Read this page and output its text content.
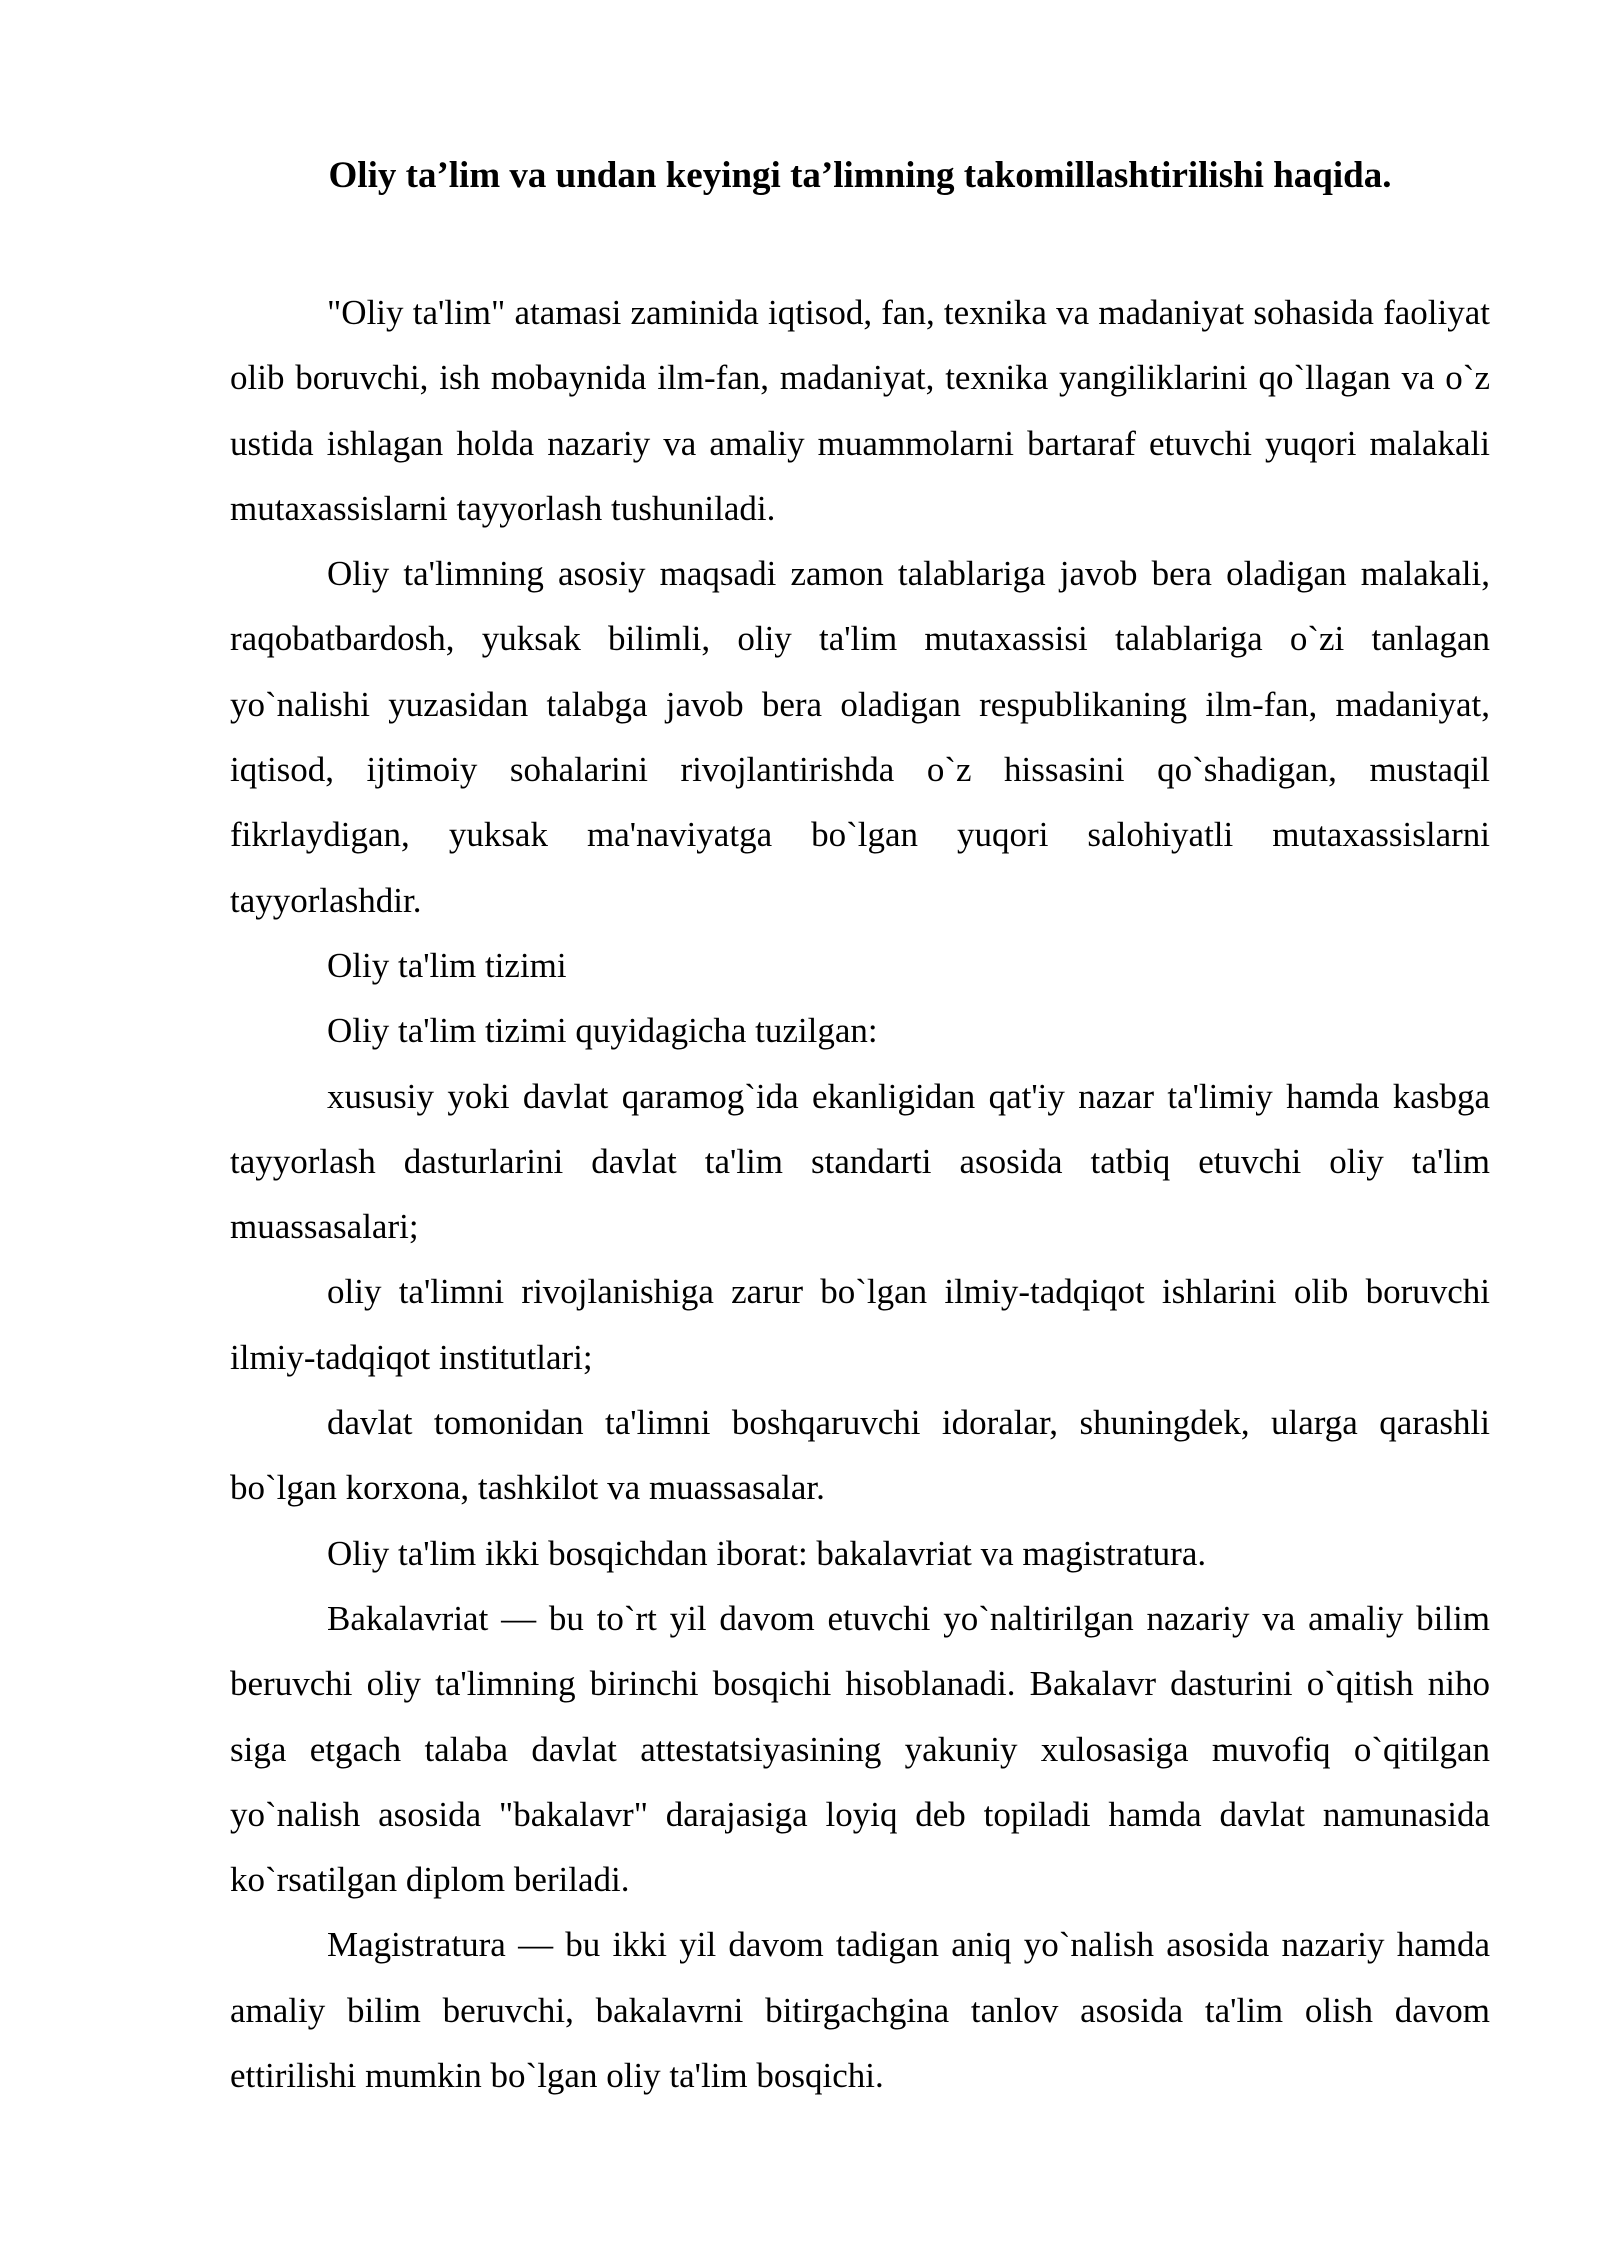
Oliy ta’lim va undan keyingi ta’limning takomillashtirilishi haqida.

"Oliy ta'lim" atamasi zaminida iqtisod, fan, texnika va madaniyat sohasida faoliyat olib boruvchi, ish mobaynida ilm-fan, madaniyat, texnika yangiliklarini qo`llagan va o`z ustida ishlagan holda nazariy va amaliy muammolarni bartaraf etuvchi yuqori malakali mutaxassislarni tayyorlash tushuniladi.

Oliy ta'limning asosiy maqsadi zamon talablariga javob bera oladigan malakali, raqobatbardosh, yuksak bilimli, oliy ta'lim mutaxassisi talablariga o`zi tanlagan yo`nalishi yuzasidan talabga javob bera oladigan respublikaning ilm-fan, madaniyat, iqtisod, ijtimoiy sohalarini rivojlantirishda o`z hissasini qo`shadigan, mustaqil fikrlaydigan, yuksak ma'naviyatga bo`lgan yuqori salohiyatli mutaxassislarni tayyorlashdir.

Oliy ta'lim tizimi

Oliy ta'lim tizimi quyidagicha tuzilgan:

xususiy yoki davlat qaramog`ida ekanligidan qat'iy nazar ta'limiy hamda kasbga tayyorlash dasturlarini davlat ta'lim standarti asosida tatbiq etuvchi oliy ta'lim muassasalari;

oliy ta'limni rivojlanishiga zarur bo`lgan ilmiy-tadqiqot ishlarini olib boruvchi ilmiy-tadqiqot institutlari;

davlat tomonidan ta'limni boshqaruvchi idoralar, shuningdek, ularga qarashli bo`lgan korxona, tashkilot va muassasalar.

Oliy ta'lim ikki bosqichdan iborat: bakalavriat va magistratura.

Bakalavriat — bu to`rt yil davom etuvchi yo`naltirilgan nazariy va amaliy bilim beruvchi oliy ta'limning birinchi bosqichi hisoblanadi. Bakalavr dasturini o`qitish niho siga etgach talaba davlat attestatsiyasining yakuniy xulosasiga muvofiq o`qitilgan yo`nalish asosida "bakalavr" darajasiga loyiq deb topiladi hamda davlat namunasida ko`rsatilgan diplom beriladi.

Magistratura — bu ikki yil davom tadigan aniq yo`nalish asosida nazariy hamda amaliy bilim beruvchi, bakalavrni bitirgachgina tanlov asosida ta'lim olish davom ettirilishi mumkin bo`lgan oliy ta'lim bosqichi.
